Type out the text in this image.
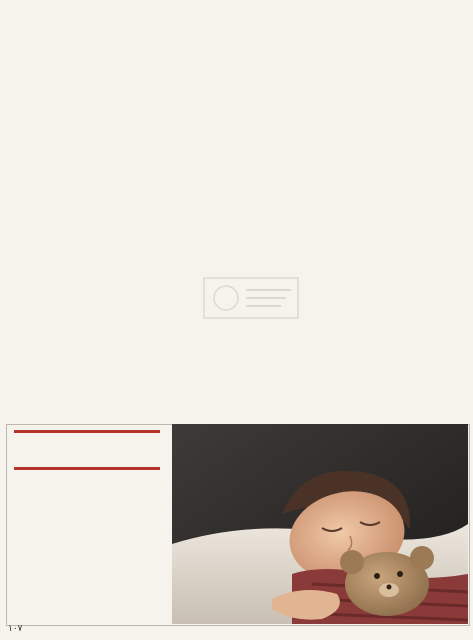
١٠٧
